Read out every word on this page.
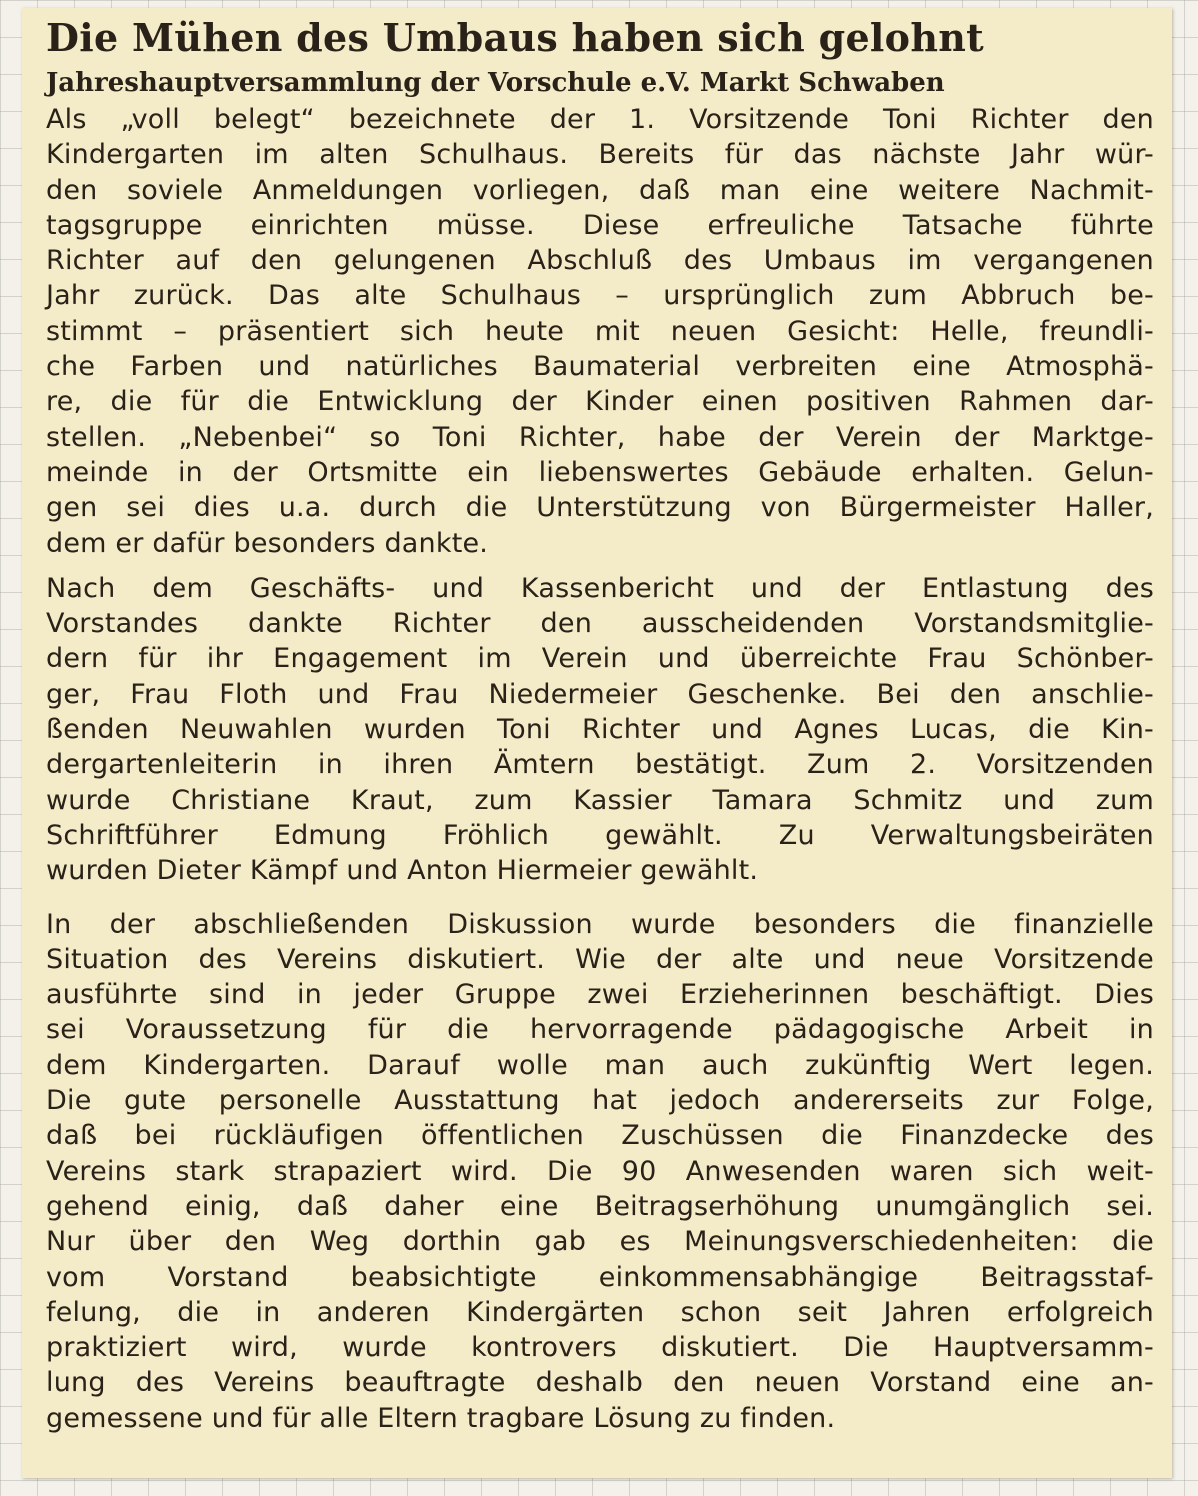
Die Mühen des Umbaus haben sich gelohnt
Jahreshauptversammlung der Vorschule e.V. Markt Schwaben
Als „voll belegt“ bezeichnete der 1. Vorsitzende Toni Richter den
Kindergarten im alten Schulhaus. Bereits für das nächste Jahr wür-
den soviele Anmeldungen vorliegen, daß man eine weitere Nachmit-
tagsgruppe einrichten müsse. Diese erfreuliche Tatsache führte
Richter auf den gelungenen Abschluß des Umbaus im vergangenen
Jahr zurück. Das alte Schulhaus – ursprünglich zum Abbruch be-
stimmt – präsentiert sich heute mit neuen Gesicht: Helle, freundli-
che Farben und natürliches Baumaterial verbreiten eine Atmosphä-
re, die für die Entwicklung der Kinder einen positiven Rahmen dar-
stellen. „Nebenbei“ so Toni Richter, habe der Verein der Marktge-
meinde in der Ortsmitte ein liebenswertes Gebäude erhalten. Gelun-
gen sei dies u.a. durch die Unterstützung von Bürgermeister Haller,
dem er dafür besonders dankte.
Nach dem Geschäfts- und Kassenbericht und der Entlastung des
Vorstandes dankte Richter den ausscheidenden Vorstandsmitglie-
dern für ihr Engagement im Verein und überreichte Frau Schönber-
ger, Frau Floth und Frau Niedermeier Geschenke. Bei den anschlie-
ßenden Neuwahlen wurden Toni Richter und Agnes Lucas, die Kin-
dergartenleiterin in ihren Ämtern bestätigt. Zum 2. Vorsitzenden
wurde Christiane Kraut, zum Kassier Tamara Schmitz und zum
Schriftführer Edmung Fröhlich gewählt. Zu Verwaltungsbeiräten
wurden Dieter Kämpf und Anton Hiermeier gewählt.
In der abschließenden Diskussion wurde besonders die finanzielle
Situation des Vereins diskutiert. Wie der alte und neue Vorsitzende
ausführte sind in jeder Gruppe zwei Erzieherinnen beschäftigt. Dies
sei Voraussetzung für die hervorragende pädagogische Arbeit in
dem Kindergarten. Darauf wolle man auch zukünftig Wert legen.
Die gute personelle Ausstattung hat jedoch andererseits zur Folge,
daß bei rückläufigen öffentlichen Zuschüssen die Finanzdecke des
Vereins stark strapaziert wird. Die 90 Anwesenden waren sich weit-
gehend einig, daß daher eine Beitragserhöhung unumgänglich sei.
Nur über den Weg dorthin gab es Meinungsverschiedenheiten: die
vom Vorstand beabsichtigte einkommensabhängige Beitragsstaf-
felung, die in anderen Kindergärten schon seit Jahren erfolgreich
praktiziert wird, wurde kontrovers diskutiert. Die Hauptversamm-
lung des Vereins beauftragte deshalb den neuen Vorstand eine an-
gemessene und für alle Eltern tragbare Lösung zu finden.
